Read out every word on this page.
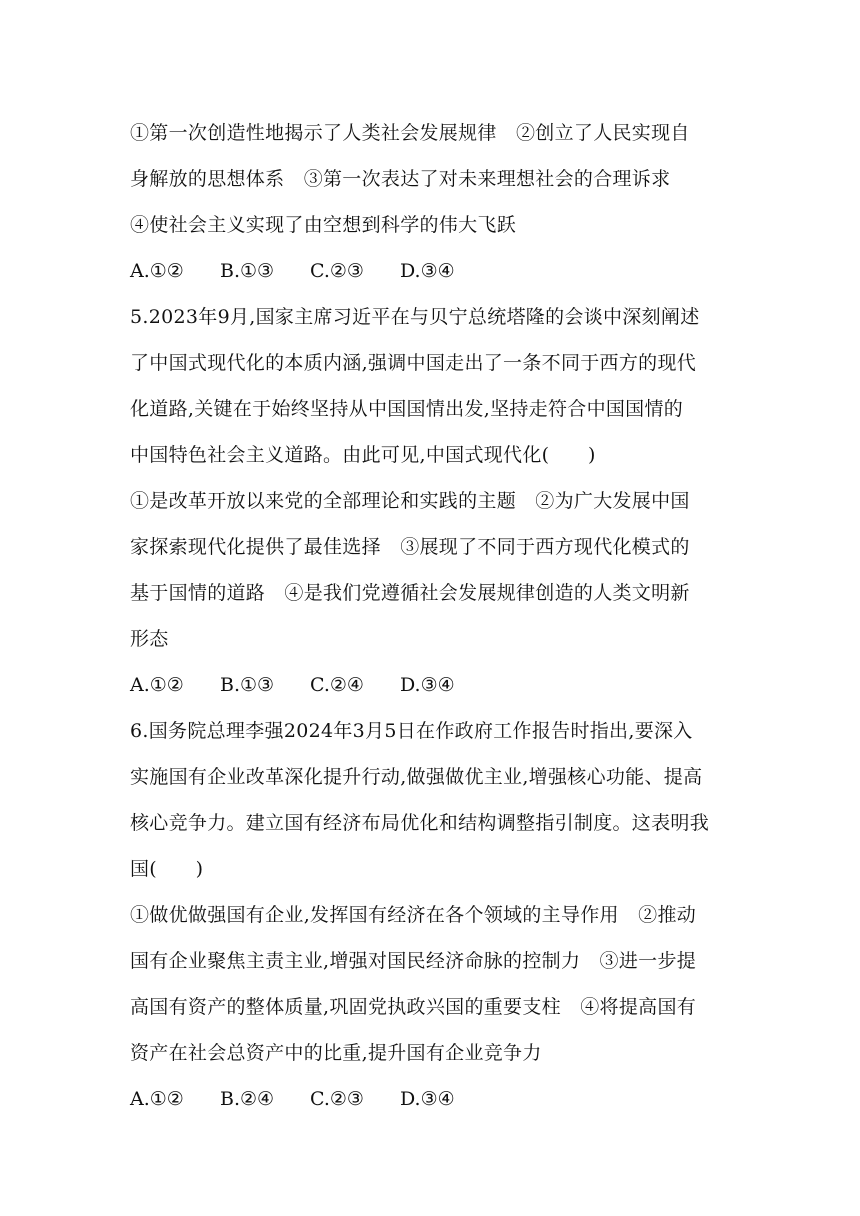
①第一次创造性地揭示了人类社会发展规律　②创立了人民实现自
身解放的思想体系　③第一次表达了对未来理想社会的合理诉求
④使社会主义实现了由空想到科学的伟大飞跃
A.①②	B.①③	C.②③	D.③④
5.2023年9月,国家主席习近平在与贝宁总统塔隆的会谈中深刻阐述
了中国式现代化的本质内涵,强调中国走出了一条不同于西方的现代
化道路,关键在于始终坚持从中国国情出发,坚持走符合中国国情的
中国特色社会主义道路。由此可见,中国式现代化(　　)
①是改革开放以来党的全部理论和实践的主题　②为广大发展中国
家探索现代化提供了最佳选择　③展现了不同于西方现代化模式的
基于国情的道路　④是我们党遵循社会发展规律创造的人类文明新
形态
A.①②	B.①③	C.②④	D.③④
6.国务院总理李强2024年3月5日在作政府工作报告时指出,要深入
实施国有企业改革深化提升行动,做强做优主业,增强核心功能、提高
核心竞争力。建立国有经济布局优化和结构调整指引制度。这表明我
国(　　)
①做优做强国有企业,发挥国有经济在各个领域的主导作用　②推动
国有企业聚焦主责主业,增强对国民经济命脉的控制力　③进一步提
高国有资产的整体质量,巩固党执政兴国的重要支柱　④将提高国有
资产在社会总资产中的比重,提升国有企业竞争力
A.①②	B.②④	C.②③	D.③④
